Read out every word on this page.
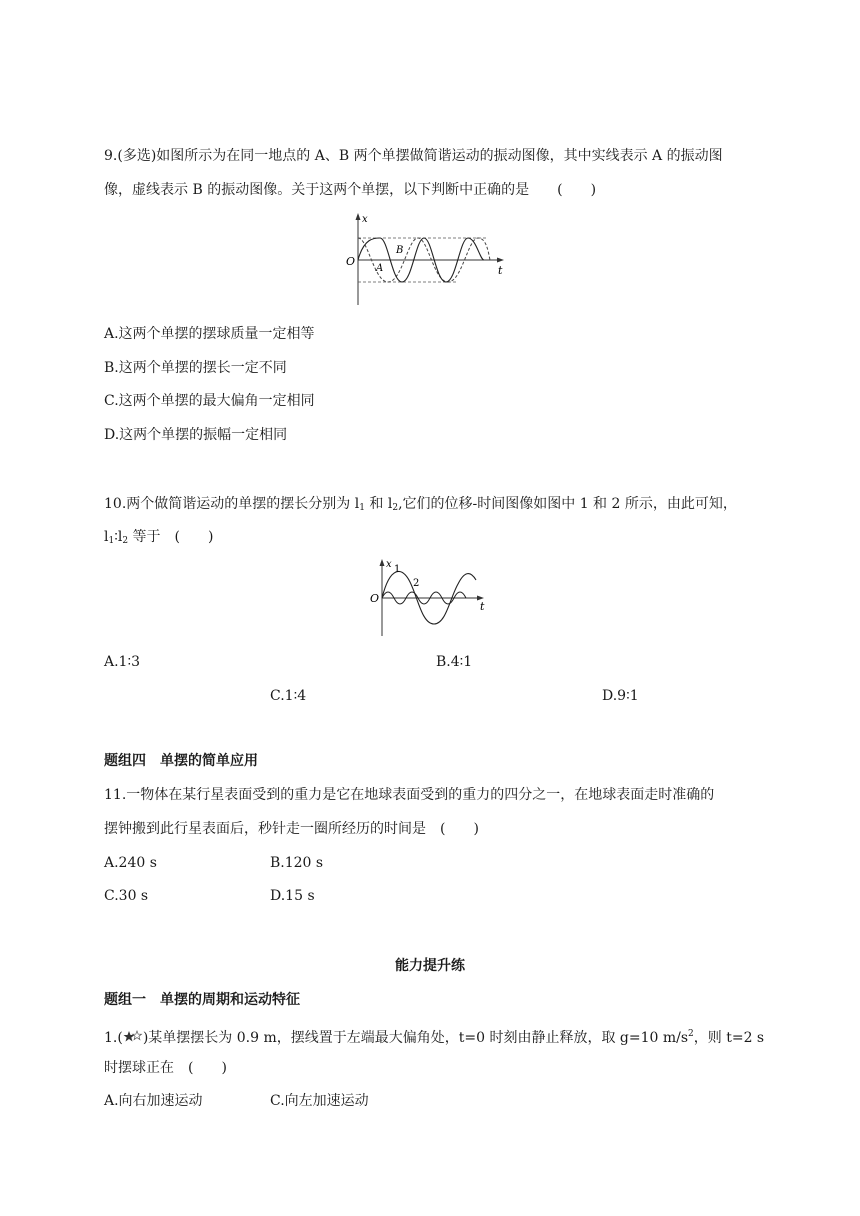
9.(多选)如图所示为在同一地点的 A、B 两个单摆做简谐运动的振动图像，其中实线表示 A 的振动图
像，虚线表示 B 的振动图像。关于这两个单摆，以下判断中正确的是　　(　　)
O
x
t
B
A
A.这两个单摆的摆球质量一定相等
B.这两个单摆的摆长一定不同
C.这两个单摆的最大偏角一定相同
D.这两个单摆的振幅一定相同
10.两个做简谐运动的单摆的摆长分别为 $l_1$ 和 $l_2$,它们的位移-时间图像如图中 1 和 2 所示，由此可知，
$l_1∶l_2$ 等于　(　　)
O
x
t
1
2
A.1∶3	B.4∶1
C.1∶4	D.9∶1
题组四　单摆的简单应用
11.一物体在某行星表面受到的重力是它在地球表面受到的重力的四分之一，在地球表面走时准确的
摆钟搬到此行星表面后，秒针走一圈所经历的时间是　(　　)
A.240 s	B.120 s
C.30 s	D.15 s
能力提升练
题组一　单摆的周期和运动特征
1.( )某单摆摆长为 0.9 m，摆线置于左端最大偏角处，t=0 时刻由静止释放，取 g=10 $m/s^2$，则 t=2 s
时摆球正在　(　　)
A.向右加速运动	C.向左加速运动
